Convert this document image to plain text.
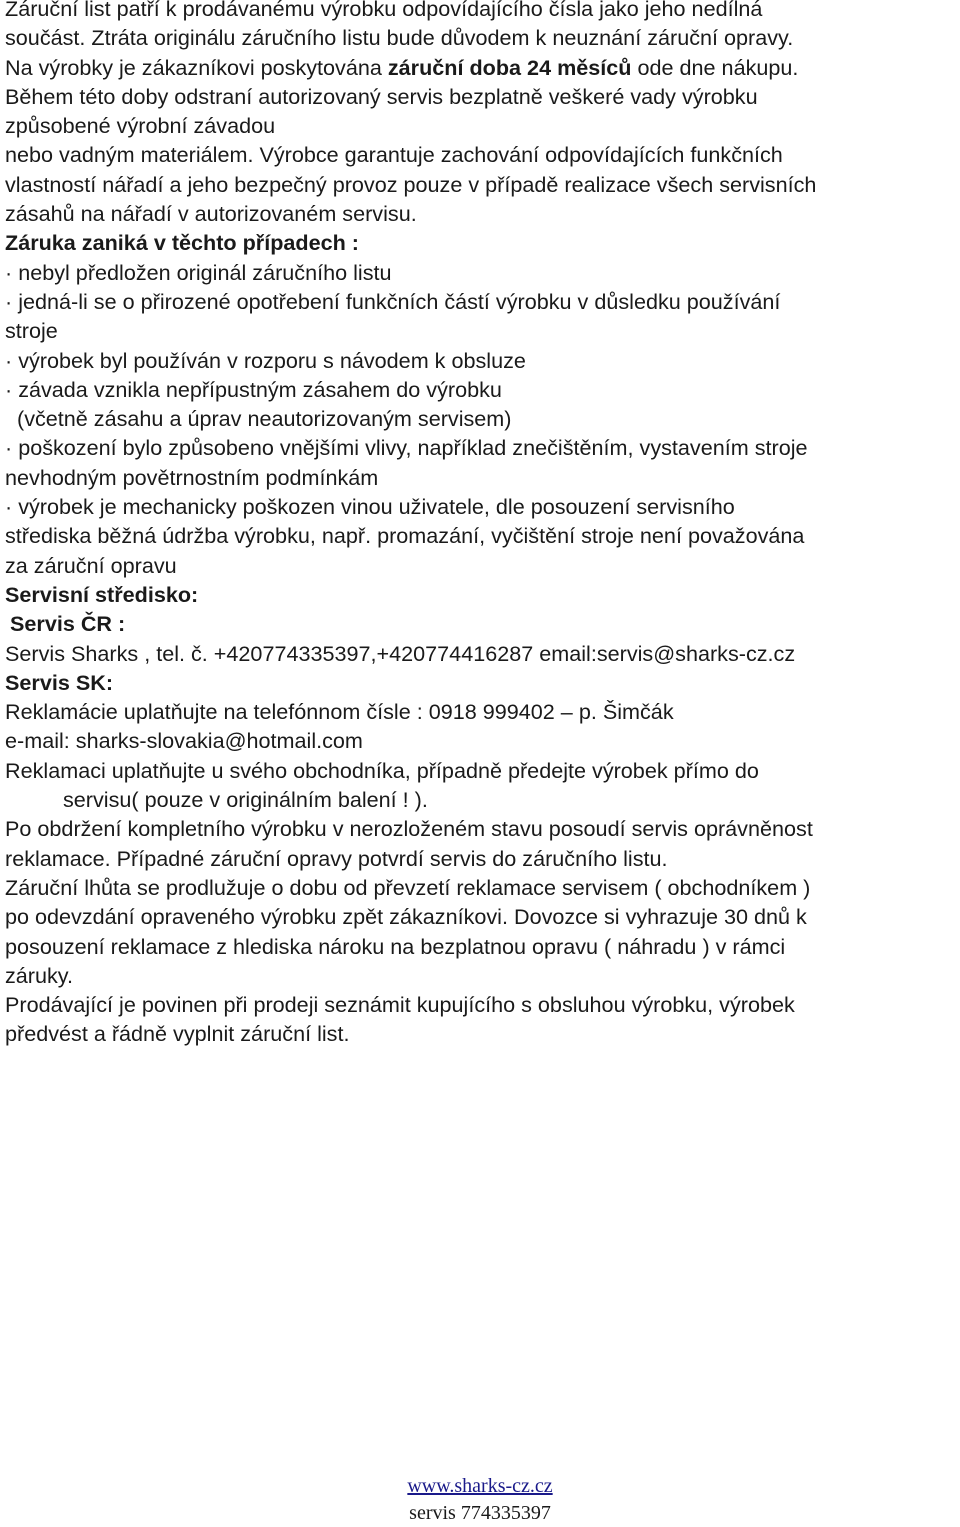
Záruční list patří k prodávanému výrobku odpovídajícího čísla jako jeho nedílná
součást. Ztráta originálu záručního listu bude důvodem k neuznání záruční opravy.
Na výrobky je zákazníkovi poskytována záruční doba 24 měsíců ode dne nákupu.
Během této doby odstraní autorizovaný servis bezplatně veškeré vady výrobku
způsobené výrobní závadou
nebo vadným materiálem. Výrobce garantuje zachování odpovídajících funkčních
vlastností nářadí a jeho bezpečný provoz pouze v případě realizace všech servisních
zásahů na nářadí v autorizovaném servisu.
Záruka zaniká v těchto případech :
· nebyl předložen originál záručního listu
· jedná-li se o přirozené opotřebení funkčních částí výrobku v důsledku používání
stroje
· výrobek byl používán v rozporu s návodem k obsluze
· závada vznikla nepřípustným zásahem do výrobku
(včetně zásahu a úprav neautorizovaným servisem)
· poškození bylo způsobeno vnějšími vlivy, například znečištěním, vystavením stroje
nevhodným povětrnostním podmínkám
· výrobek je mechanicky poškozen vinou uživatele, dle posouzení servisního
střediska běžná údržba výrobku, např. promazání, vyčištění stroje není považována
za záruční opravu
Servisní středisko:
Servis ČR :
Servis Sharks , tel. č. +420774335397,+420774416287 email:servis@sharks-cz.cz
Servis SK:
Reklamácie uplatňujte na telefónnom čísle : 0918 999402 – p. Šimčák
e-mail: sharks-slovakia@hotmail.com
Reklamaci uplatňujte u svého obchodníka, případně předejte výrobek přímo do
servisu( pouze v originálním balení ! ).
Po obdržení kompletního výrobku v nerozloženém stavu posoudí servis oprávněnost
reklamace. Případné záruční opravy potvrdí servis do záručního listu.
Záruční lhůta se prodlužuje o dobu od převzetí reklamace servisem ( obchodníkem )
po odevzdání opraveného výrobku zpět zákazníkovi. Dovozce si vyhrazuje 30 dnů k
posouzení reklamace z hlediska nároku na bezplatnou opravu ( náhradu ) v rámci
záruky.
Prodávající je povinen při prodeji seznámit kupujícího s obsluhou výrobku, výrobek
předvést a řádně vyplnit záruční list.
www.sharks-cz.cz
servis 774335397
